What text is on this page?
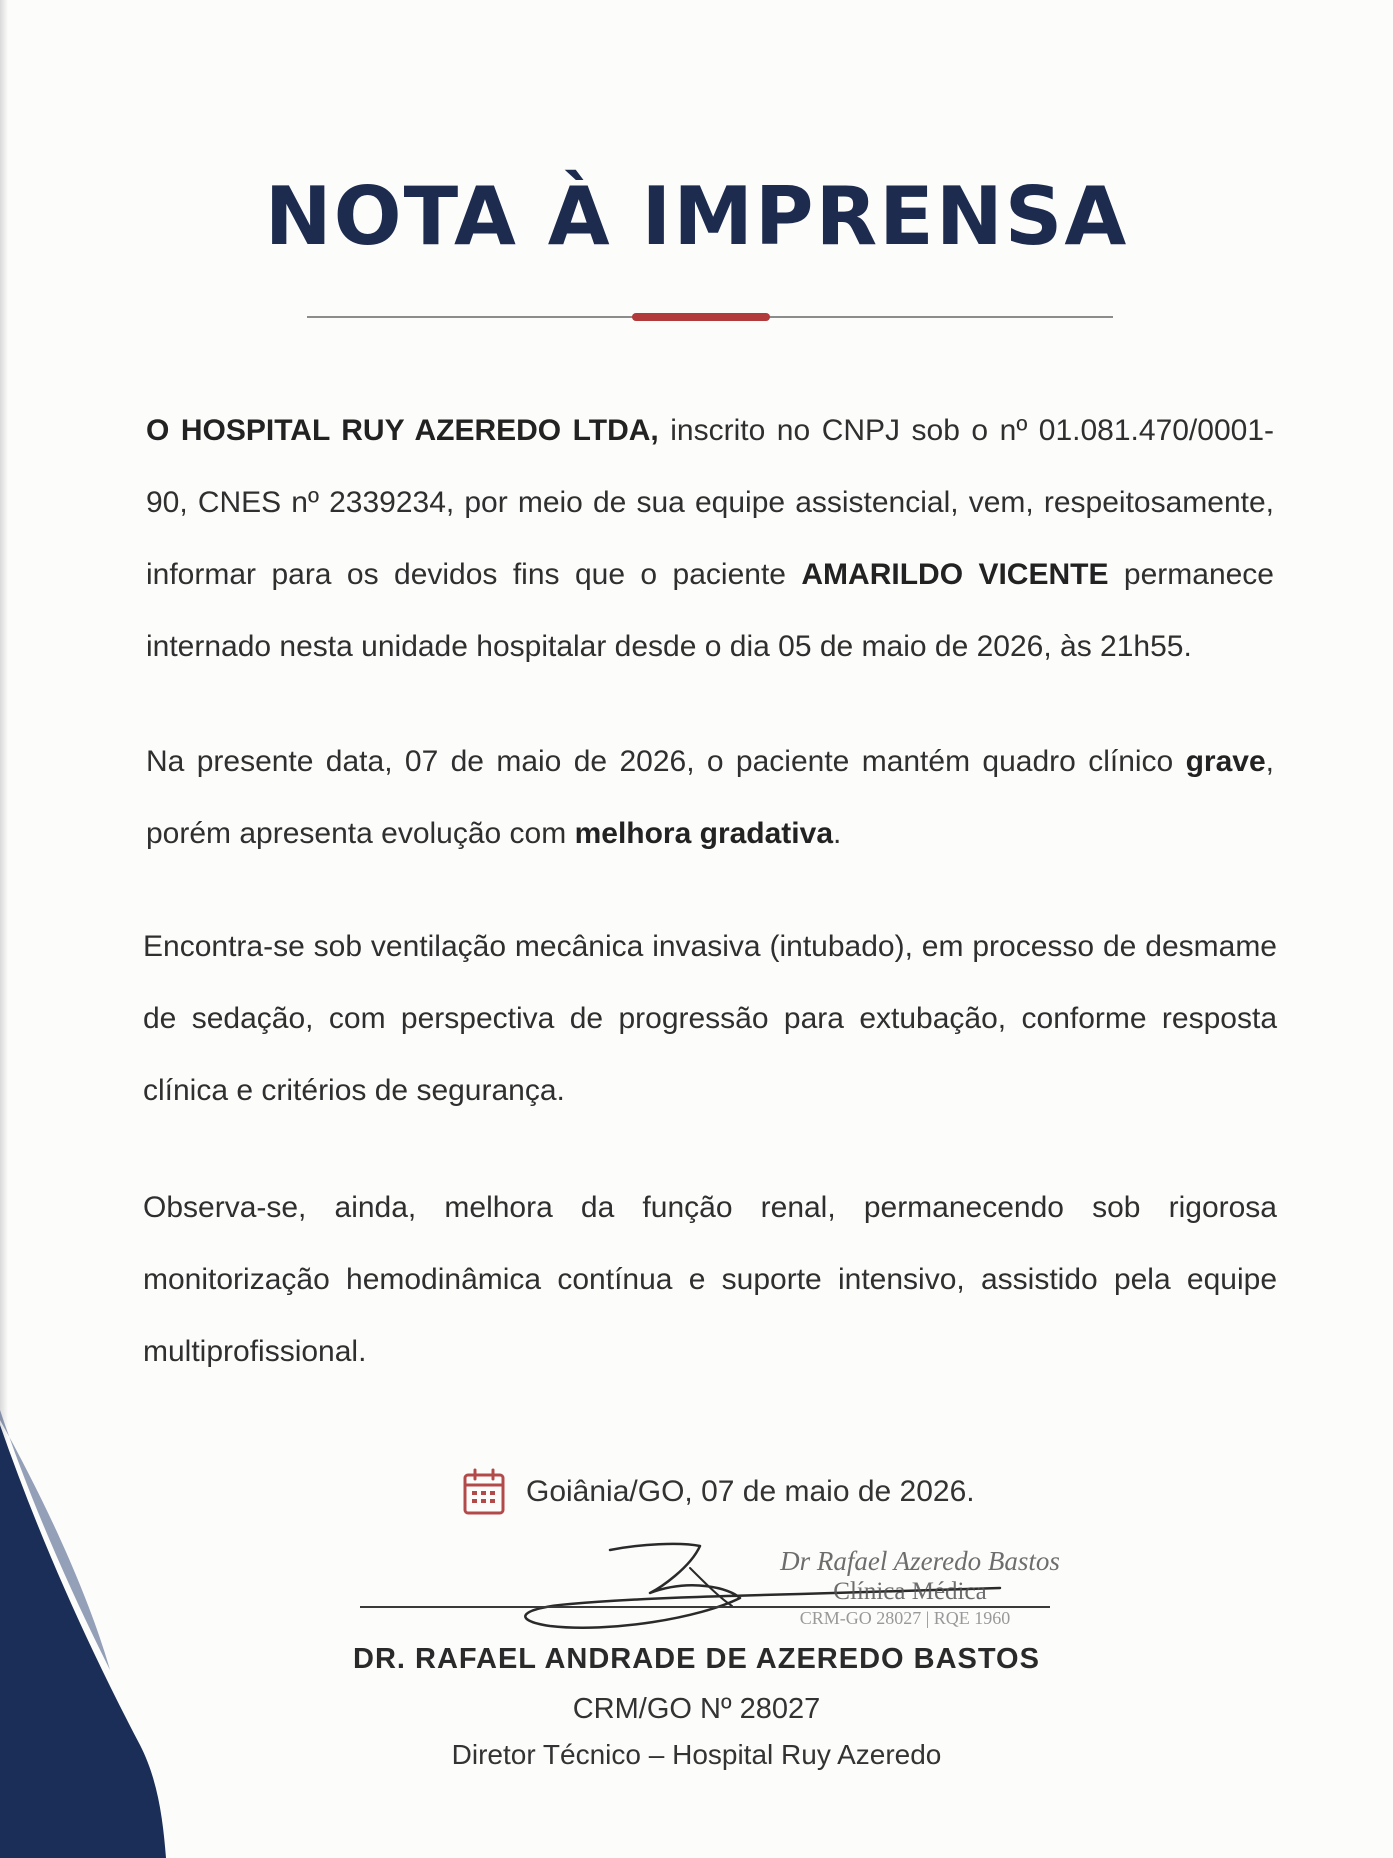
NOTA À IMPRENSA

O HOSPITAL RUY AZEREDO LTDA, inscrito no CNPJ sob o nº 01.081.470/0001-90, CNES nº 2339234, por meio de sua equipe assistencial, vem, respeitosamente, informar para os devidos fins que o paciente AMARILDO VICENTE permanece internado nesta unidade hospitalar desde o dia 05 de maio de 2026, às 21h55.

Na presente data, 07 de maio de 2026, o paciente mantém quadro clínico grave, porém apresenta evolução com melhora gradativa.

Encontra-se sob ventilação mecânica invasiva (intubado), em processo de desmame de sedação, com perspectiva de progressão para extubação, conforme resposta clínica e critérios de segurança.

Observa-se, ainda, melhora da função renal, permanecendo sob rigorosa monitorização hemodinâmica contínua e suporte intensivo, assistido pela equipe multiprofissional.

Goiânia/GO, 07 de maio de 2026.
Dr Rafael Azeredo Bastos
Clínica Médica
CRM-GO 28027 | RQE 1960
DR. RAFAEL ANDRADE DE AZEREDO BASTOS
CRM/GO Nº 28027
Diretor Técnico – Hospital Ruy Azeredo
